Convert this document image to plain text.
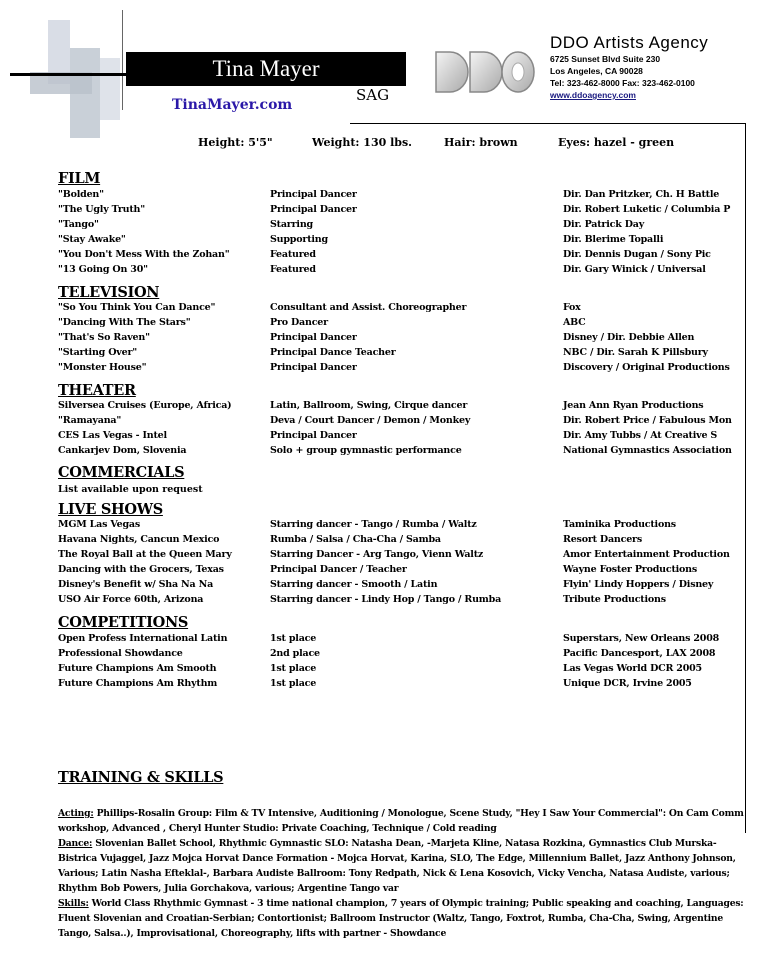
Tina Mayer
SAG
TinaMayer.com
DDO Artists Agency
6725 Sunset Blvd Suite 230
Los Angeles, CA 90028
Tel: 323-462-8000 Fax: 323-462-0100
www.ddoagency.com
Height: 5'5"	Weight: 130 lbs.	Hair: brown	Eyes: hazel - green
FILM
"Bolden"	Principal Dancer	Dir. Dan Pritzker, Ch. H Battle
"The Ugly Truth"	Principal Dancer	Dir. Robert Luketic / Columbia P
"Tango"	Starring	Dir. Patrick Day
"Stay Awake"	Supporting	Dir. Blerime Topalli
"You Don't Mess With the Zohan"	Featured	Dir. Dennis Dugan / Sony Pic
"13 Going On 30"	Featured	Dir. Gary Winick / Universal
TELEVISION
"So You Think You Can Dance"	Consultant and Assist. Choreographer	Fox
"Dancing With The Stars"	Pro Dancer	ABC
"That's So Raven"	Principal Dancer	Disney / Dir. Debbie Allen
"Starting Over"	Principal Dance Teacher	NBC / Dir. Sarah K Pillsbury
"Monster House"	Principal Dancer	Discovery / Original Productions
THEATER
Silversea Cruises (Europe, Africa)	Latin, Ballroom, Swing, Cirque dancer	Jean Ann Ryan Productions
"Ramayana"	Deva / Court Dancer / Demon / Monkey	Dir. Robert Price / Fabulous Mon
CES Las Vegas - Intel	Principal Dancer	Dir. Amy Tubbs / At Creative S
Cankarjev Dom, Slovenia	Solo + group gymnastic performance	National Gymnastics Association
COMMERCIALS
List available upon request
LIVE SHOWS
MGM Las Vegas	Starring dancer - Tango / Rumba / Waltz	Taminika Productions
Havana Nights, Cancun Mexico	Rumba / Salsa / Cha-Cha / Samba	Resort Dancers
The Royal Ball at the Queen Mary	Starring Dancer - Arg Tango, Vienn Waltz	Amor Entertainment Production
Dancing with the Grocers, Texas	Principal Dancer / Teacher	Wayne Foster Productions
Disney's Benefit w/ Sha Na Na	Starring dancer - Smooth / Latin	Flyin' Lindy Hoppers / Disney
USO Air Force 60th, Arizona	Starring dancer - Lindy Hop / Tango / Rumba	Tribute Productions
COMPETITIONS
Open Profess International Latin	1st place	Superstars, New Orleans 2008
Professional Showdance	2nd place	Pacific Dancesport, LAX 2008
Future Champions Am Smooth	1st place	Las Vegas World DCR 2005
Future Champions Am Rhythm	1st place	Unique DCR, Irvine 2005
TRAINING & SKILLS
Acting: Phillips-Rosalin Group: Film & TV Intensive, Auditioning / Monologue, Scene Study, "Hey I Saw Your Commercial": On Cam Comm workshop, Advanced , Cheryl Hunter Studio: Private Coaching, Technique / Cold reading
Dance: Slovenian Ballet School, Rhythmic Gymnastic SLO: Natasha Dean, -Marjeta Kline, Natasa Rozkina, Gymnastics Club Murska-Bistrica Vujaggel, Jazz Mojca Horvat Dance Formation - Mojca Horvat, Karina, SLO, The Edge, Millennium Ballet, Jazz Anthony Johnson, Various; Latin Nasha Efteklal-, Barbara Audiste Ballroom: Tony Redpath, Nick & Lena Kosovich, Vicky Vencha, Natasa Audiste, various; Rhythm Bob Powers, Julia Gorchakova, various; Argentine Tango var
Skills: World Class Rhythmic Gymnast - 3 time national champion, 7 years of Olympic training; Public speaking and coaching, Languages: Fluent Slovenian and Croatian-Serbian; Contortionist; Ballroom Instructor (Waltz, Tango, Foxtrot, Rumba, Cha-Cha, Swing, Argentine Tango, Salsa..), Improvisational, Choreography, lifts with partner - Showdance
